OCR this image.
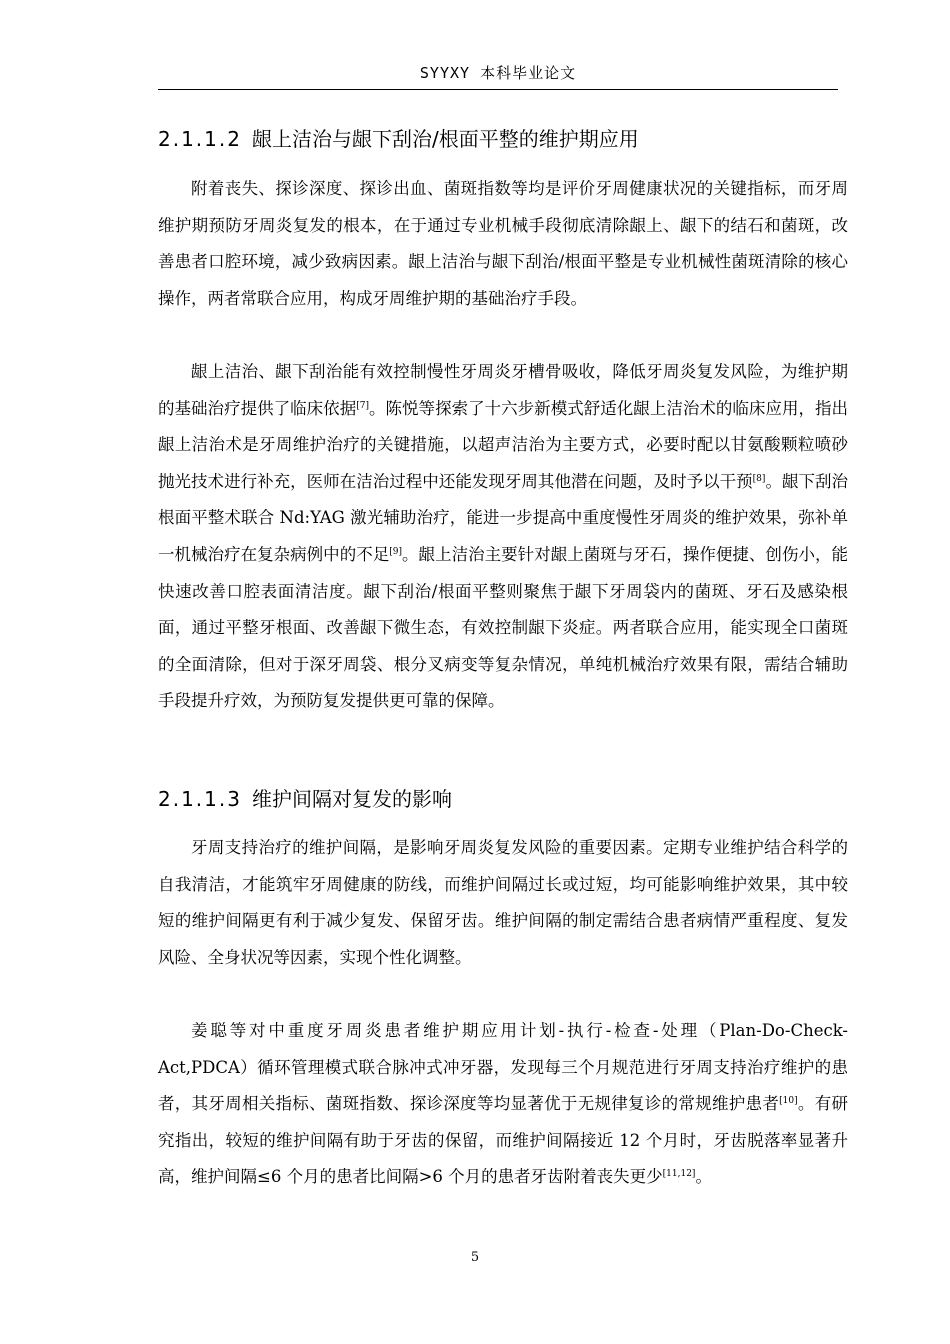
SYYXY 本科毕业论文
2.1.1.2 龈上洁治与龈下刮治/根面平整的维护期应用

附着丧失、探诊深度、探诊出血、菌斑指数等均是评价牙周健康状况的关键指标，而牙周维护期预防牙周炎复发的根本，在于通过专业机械手段彻底清除龈上、龈下的结石和菌斑，改善患者口腔环境，减少致病因素。龈上洁治与龈下刮治/根面平整是专业机械性菌斑清除的核心操作，两者常联合应用，构成牙周维护期的基础治疗手段。

龈上洁治、龈下刮治能有效控制慢性牙周炎牙槽骨吸收，降低牙周炎复发风险，为维护期的基础治疗提供了临床依据[7]。陈悦等探索了十六步新模式舒适化龈上洁治术的临床应用，指出龈上洁治术是牙周维护治疗的关键措施，以超声洁治为主要方式，必要时配以甘氨酸颗粒喷砂抛光技术进行补充，医师在洁治过程中还能发现牙周其他潜在问题，及时予以干预[8]。龈下刮治根面平整术联合 Nd:YAG 激光辅助治疗，能进一步提高中重度慢性牙周炎的维护效果，弥补单一机械治疗在复杂病例中的不足[9]。龈上洁治主要针对龈上菌斑与牙石，操作便捷、创伤小，能快速改善口腔表面清洁度。龈下刮治/根面平整则聚焦于龈下牙周袋内的菌斑、牙石及感染根面，通过平整牙根面、改善龈下微生态，有效控制龈下炎症。两者联合应用，能实现全口菌斑的全面清除，但对于深牙周袋、根分叉病变等复杂情况，单纯机械治疗效果有限，需结合辅助手段提升疗效，为预防复发提供更可靠的保障。

2.1.1.3 维护间隔对复发的影响

牙周支持治疗的维护间隔，是影响牙周炎复发风险的重要因素。定期专业维护结合科学的自我清洁，才能筑牢牙周健康的防线，而维护间隔过长或过短，均可能影响维护效果，其中较短的维护间隔更有利于减少复发、保留牙齿。维护间隔的制定需结合患者病情严重程度、复发风险、全身状况等因素，实现个性化调整。

姜聪等对中重度牙周炎患者维护期应用计划-执行-检查-处理（Plan-Do-Check-Act,PDCA）循环管理模式联合脉冲式冲牙器，发现每三个月规范进行牙周支持治疗维护的患者，其牙周相关指标、菌斑指数、探诊深度等均显著优于无规律复诊的常规维护患者[10]。有研究指出，较短的维护间隔有助于牙齿的保留，而维护间隔接近 12 个月时，牙齿脱落率显著升高，维护间隔≤6 个月的患者比间隔>6 个月的患者牙齿附着丧失更少[11,12]。

5
